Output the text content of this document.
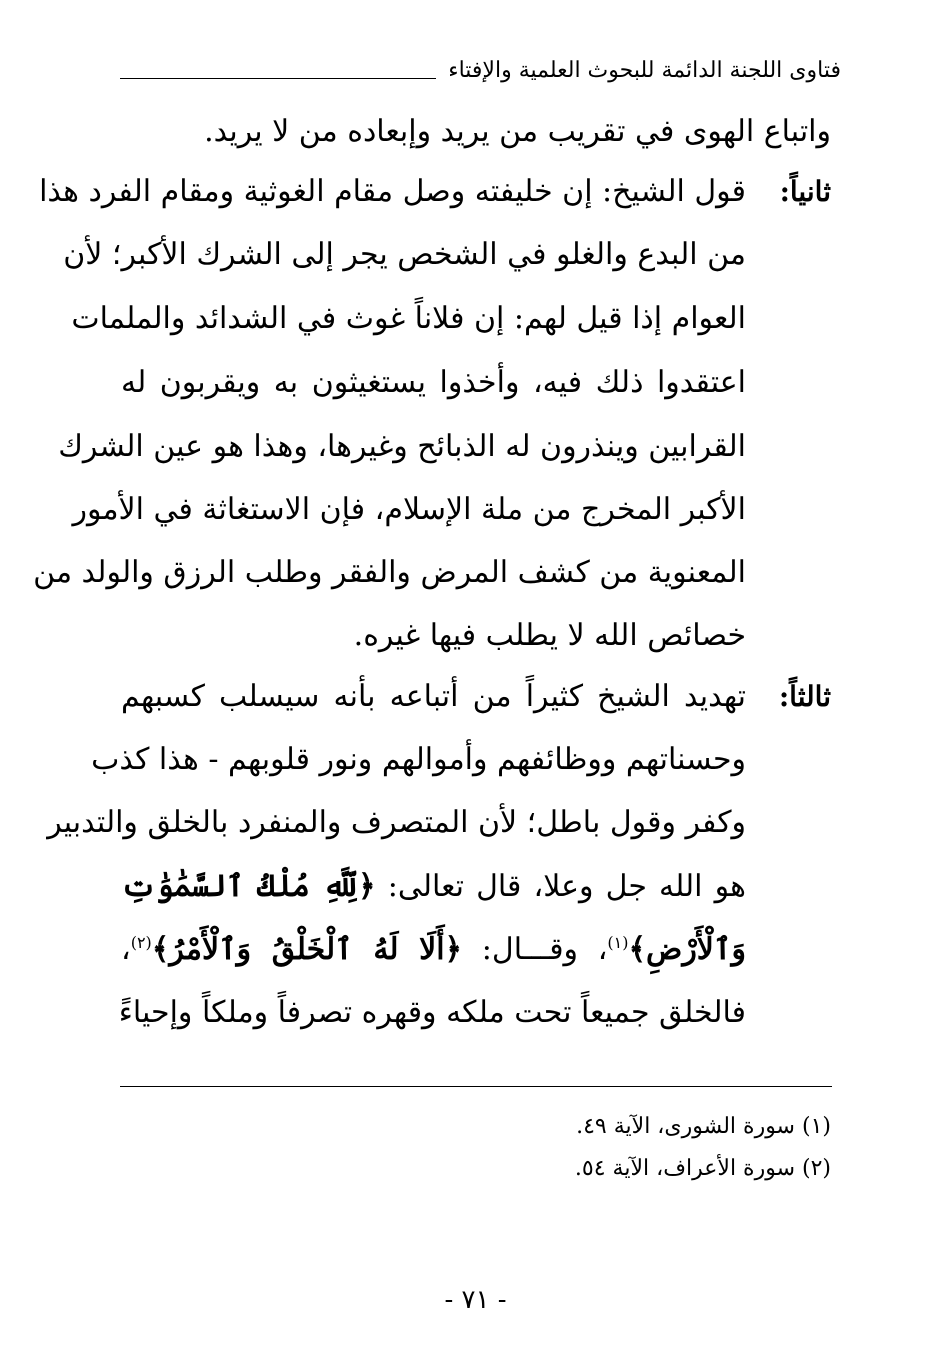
فتاوى اللجنة الدائمة للبحوث العلمية والإفتاء
واتباع الهوى في تقريب من يريد وإبعاده من لا يريد.
ثانياً:
قول الشيخ: إن خليفته وصل مقام الغوثية ومقام الفرد هذا
من البدع والغلو في الشخص يجر إلى الشرك الأكبر؛ لأن
العوام إذا قيل لهم: إن فلاناً غوث في الشدائد والملمات
اعتقدوا ذلك فيه، وأخذوا يستغيثون به ويقربون له
القرابين وينذرون له الذبائح وغيرها، وهذا هو عين الشرك
الأكبر المخرج من ملة الإسلام، فإن الاستغاثة في الأمور
المعنوية من كشف المرض والفقر وطلب الرزق والولد من
خصائص الله لا يطلب فيها غيره.
ثالثاً:
تهديد الشيخ كثيراً من أتباعه بأنه سيسلب كسبهم
وحسناتهم ووظائفهم وأموالهم ونور قلوبهم - هذا كذب
وكفر وقول باطل؛ لأن المتصرف والمنفرد بالخلق والتدبير
هو الله جل وعلا، قال تعالى: ﴿لِّلَّهِ مُلْكُ ٱلسَّمَٰوَٰتِ
وَٱلْأَرْضِ﴾$^{(١)}$، وقـــال: ﴿أَلَا لَهُ ٱلْخَلْقُ وَٱلْأَمْرُ﴾$^{(٢)}$،
فالخلق جميعاً تحت ملكه وقهره تصرفاً وملكاً وإحياءً
(١) سورة الشورى، الآية ٤٩.
(٢) سورة الأعراف، الآية ٥٤.
- ٧١ -
